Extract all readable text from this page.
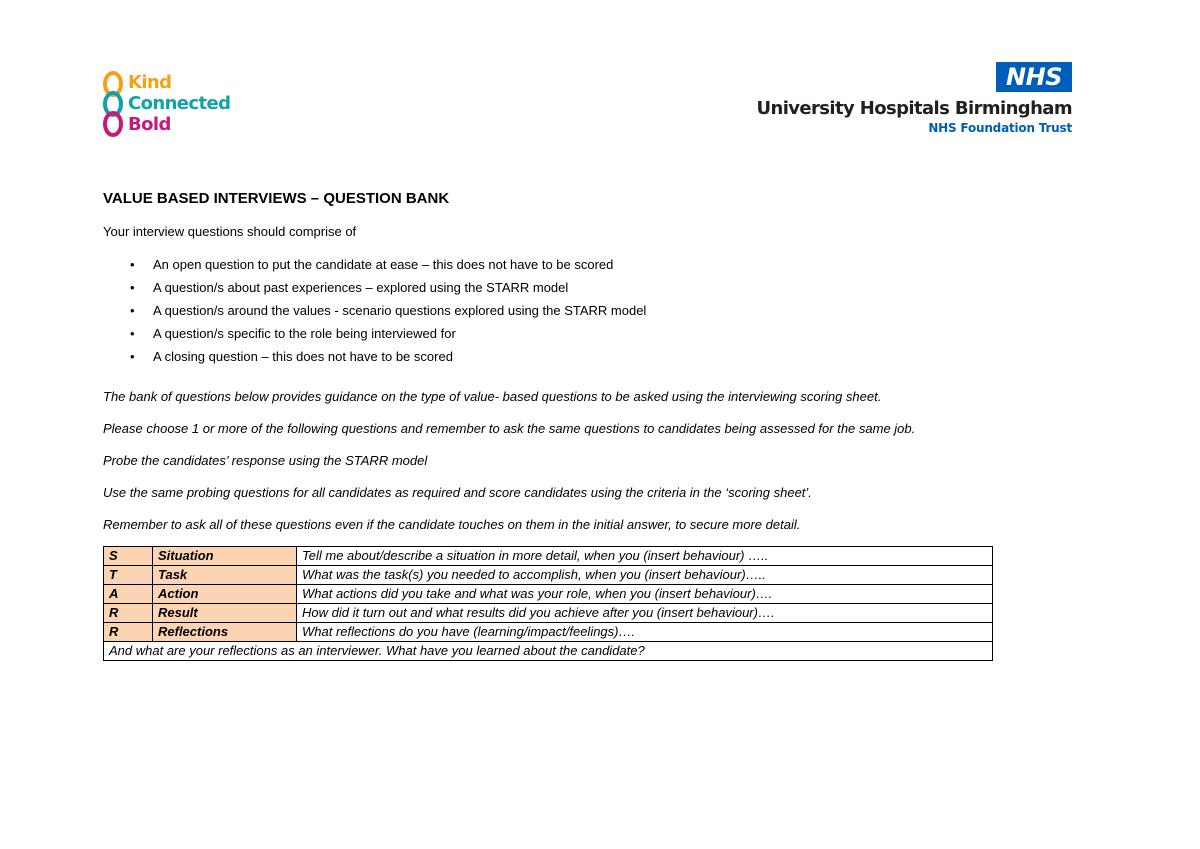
Kind
Connected
Bold
NHS
University Hospitals Birmingham
NHS Foundation Trust
VALUE BASED INTERVIEWS – QUESTION BANK
Your interview questions should comprise of
• An open question to put the candidate at ease – this does not have to be scored
• A question/s about past experiences – explored using the STARR model
• A question/s around the values - scenario questions explored using the STARR model
• A question/s specific to the role being interviewed for
• A closing question – this does not have to be scored
The bank of questions below provides guidance on the type of value- based questions to be asked using the interviewing scoring sheet.
Please choose 1 or more of the following questions and remember to ask the same questions to candidates being assessed for the same job.
Probe the candidates’ response using the STARR model
Use the same probing questions for all candidates as required and score candidates using the criteria in the ‘scoring sheet’.
Remember to ask all of these questions even if the candidate touches on them in the initial answer, to secure more detail.
S	Situation	Tell me about/describe a situation in more detail, when you (insert behaviour) …..
T	Task	What was the task(s) you needed to accomplish, when you (insert behaviour)…..
A	Action	What actions did you take and what was your role, when you (insert behaviour)….
R	Result	How did it turn out and what results did you achieve after you (insert behaviour)….
R	Reflections	What reflections do you have (learning/impact/feelings)….
And what are your reflections as an interviewer. What have you learned about the candidate?		
